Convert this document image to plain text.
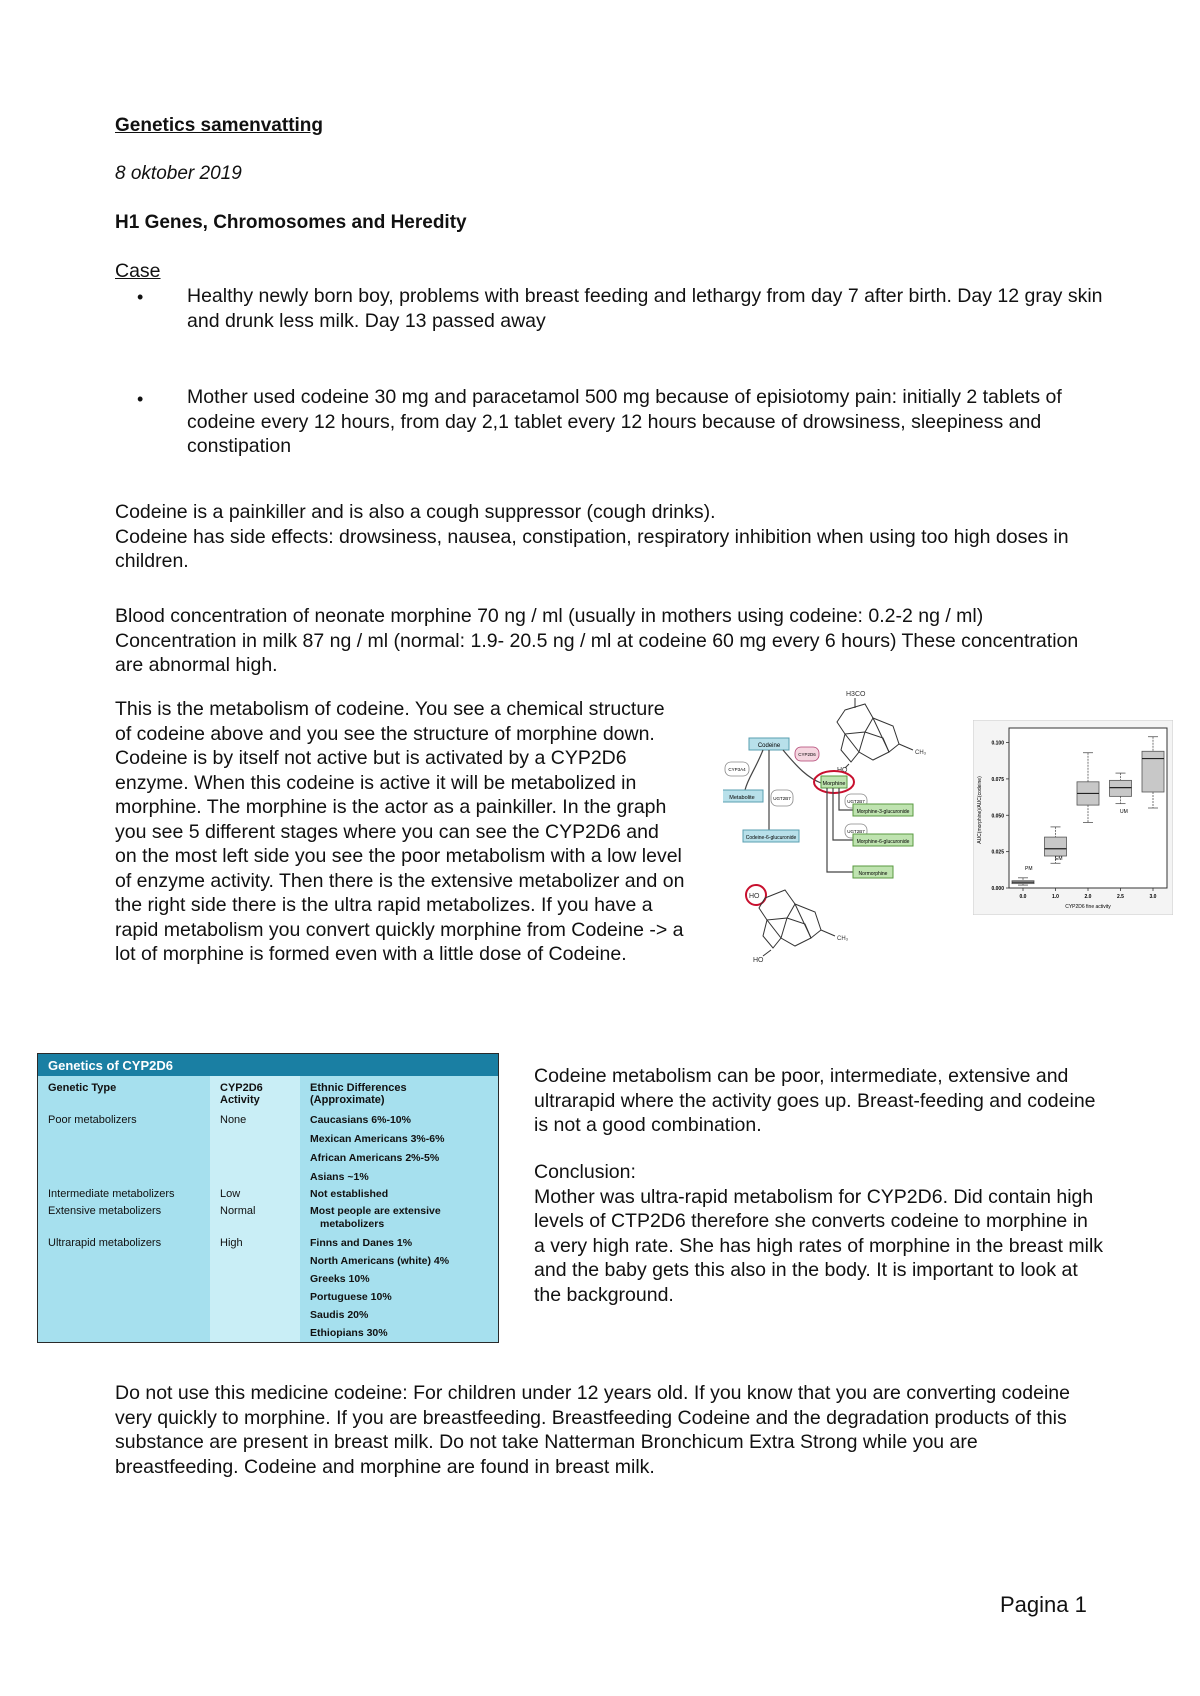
Genetics samenvatting
8 oktober 2019
H1 Genes, Chromosomes and Heredity
Case
• Healthy newly born boy, problems with breast feeding and lethargy from day 7 after birth. Day 12 gray skin and drunk less milk. Day 13 passed away
• Mother used codeine 30 mg and paracetamol 500 mg because of episiotomy pain: initially 2 tablets of codeine every 12 hours, from day 2,1 tablet every 12 hours because of drowsiness, sleepiness and constipation
Codeine is a painkiller and is also a cough suppressor (cough drinks).
Codeine has side effects: drowsiness, nausea, constipation, respiratory inhibition when using too high doses in children.
Blood concentration of neonate morphine 70 ng / ml (usually in mothers using codeine: 0.2-2 ng / ml) Concentration in milk 87 ng / ml (normal: 1.9- 20.5 ng / ml at codeine 60 mg every 6 hours) These concentration are abnormal high.
This is the metabolism of codeine. You see a chemical structure of codeine above and you see the structure of morphine down. Codeine is by itself not active but is activated by a CYP2D6 enzyme. When this codeine is active it will be metabolized in morphine. The morphine is the actor as a painkiller. In the graph you see 5 different stages where you can see the CYP2D6 and on the most left side you see the poor metabolism with a low level of enzyme activity. Then there is the extensive metabolizer and on the right side there is the ultra rapid metabolizes. If you have a rapid metabolism you convert quickly morphine from Codeine -> a lot of morphine is formed even with a little dose of Codeine.
H3CO
HO
CH₃
Codeine
CYP3A4
CYP2D6
Metabolite	UGT2B7
Codeine-6-glucuronide
Morphine
UGT2B7
UGT2B7
Morphine-3-glucuronide
Morphine-6-glucuronide
Normorphine
HO
HO
CH₃
AUC(morphine)/AUC(codeine)
CYP2D6 fine activity
0.000
0.025
0.050
0.075
0.100
0.0	1.0	2.0	2.5	3.0
PM
EM
UM
Genetics of CYP2D6
Genetic Type	CYP2D6
Activity
Ethnic Differences
(Approximate)
Poor metabolizers	None	Caucasians 6%-10%
Mexican Americans 3%-6%
African Americans 2%-5%
Asians ~1%
Intermediate metabolizers	Low	Not established
Extensive metabolizers	Normal	Most people are extensive
metabolizers
Ultrarapid metabolizers	High	Finns and Danes 1%
North Americans (white) 4%
Greeks 10%
Portuguese 10%
Saudis 20%
Ethiopians 30%
Codeine metabolism can be poor, intermediate, extensive and ultrarapid where the activity goes up. Breast-feeding and codeine is not a good combination.
Conclusion:
Mother was ultra-rapid metabolism for CYP2D6. Did contain high levels of CTP2D6 therefore she converts codeine to morphine in a very high rate. She has high rates of morphine in the breast milk and the baby gets this also in the body. It is important to look at the background.
Do not use this medicine codeine: For children under 12 years old. If you know that you are converting codeine very quickly to morphine. If you are breastfeeding. Breastfeeding Codeine and the degradation products of this substance are present in breast milk. Do not take Natterman Bronchicum Extra Strong while you are breastfeeding. Codeine and morphine are found in breast milk.
Pagina 1
